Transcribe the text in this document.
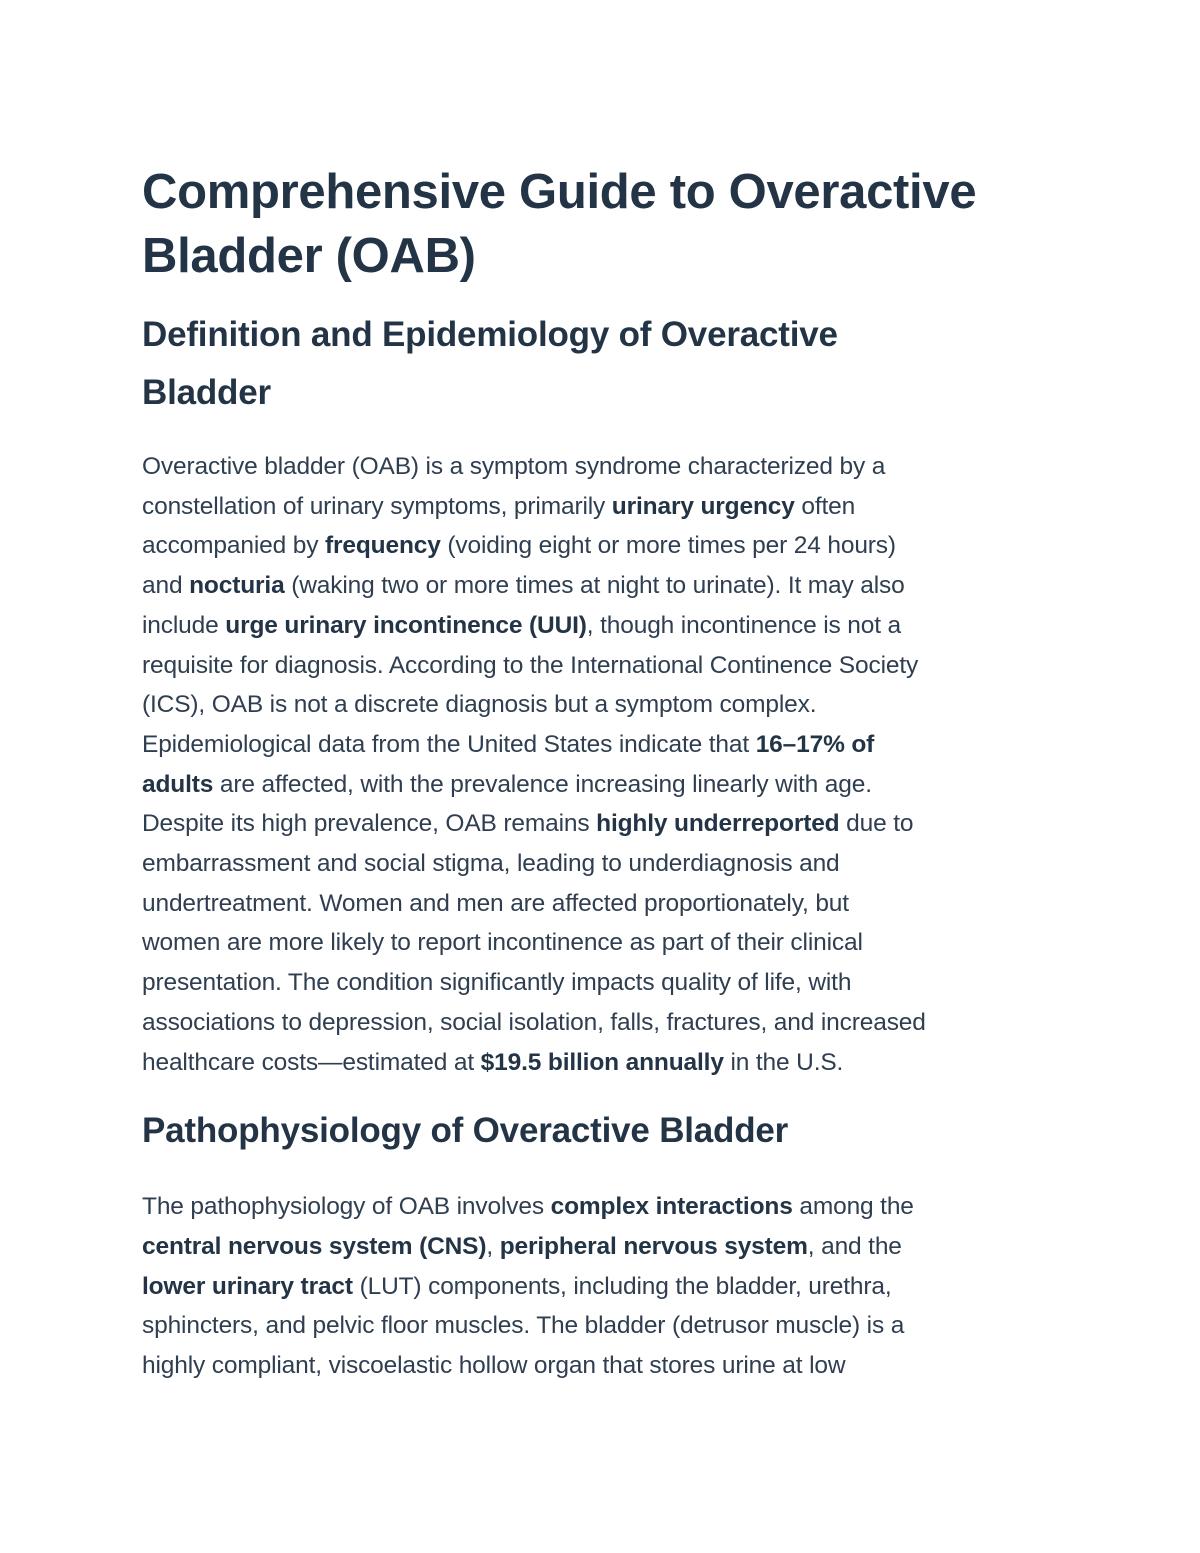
Comprehensive Guide to Overactive
Bladder (OAB)
Definition and Epidemiology of Overactive
Bladder

Overactive bladder (OAB) is a symptom syndrome characterized by a
constellation of urinary symptoms, primarily urinary urgency often
accompanied by frequency (voiding eight or more times per 24 hours)
and nocturia (waking two or more times at night to urinate). It may also
include urge urinary incontinence (UUI), though incontinence is not a
requisite for diagnosis. According to the International Continence Society
(ICS), OAB is not a discrete diagnosis but a symptom complex.
Epidemiological data from the United States indicate that 16–17% of
adults are affected, with the prevalence increasing linearly with age.
Despite its high prevalence, OAB remains highly underreported due to
embarrassment and social stigma, leading to underdiagnosis and
undertreatment. Women and men are affected proportionately, but
women are more likely to report incontinence as part of their clinical
presentation. The condition significantly impacts quality of life, with
associations to depression, social isolation, falls, fractures, and increased
healthcare costs—estimated at $19.5 billion annually in the U.S.

Pathophysiology of Overactive Bladder

The pathophysiology of OAB involves complex interactions among the
central nervous system (CNS), peripheral nervous system, and the
lower urinary tract (LUT) components, including the bladder, urethra,
sphincters, and pelvic floor muscles. The bladder (detrusor muscle) is a
highly compliant, viscoelastic hollow organ that stores urine at low
